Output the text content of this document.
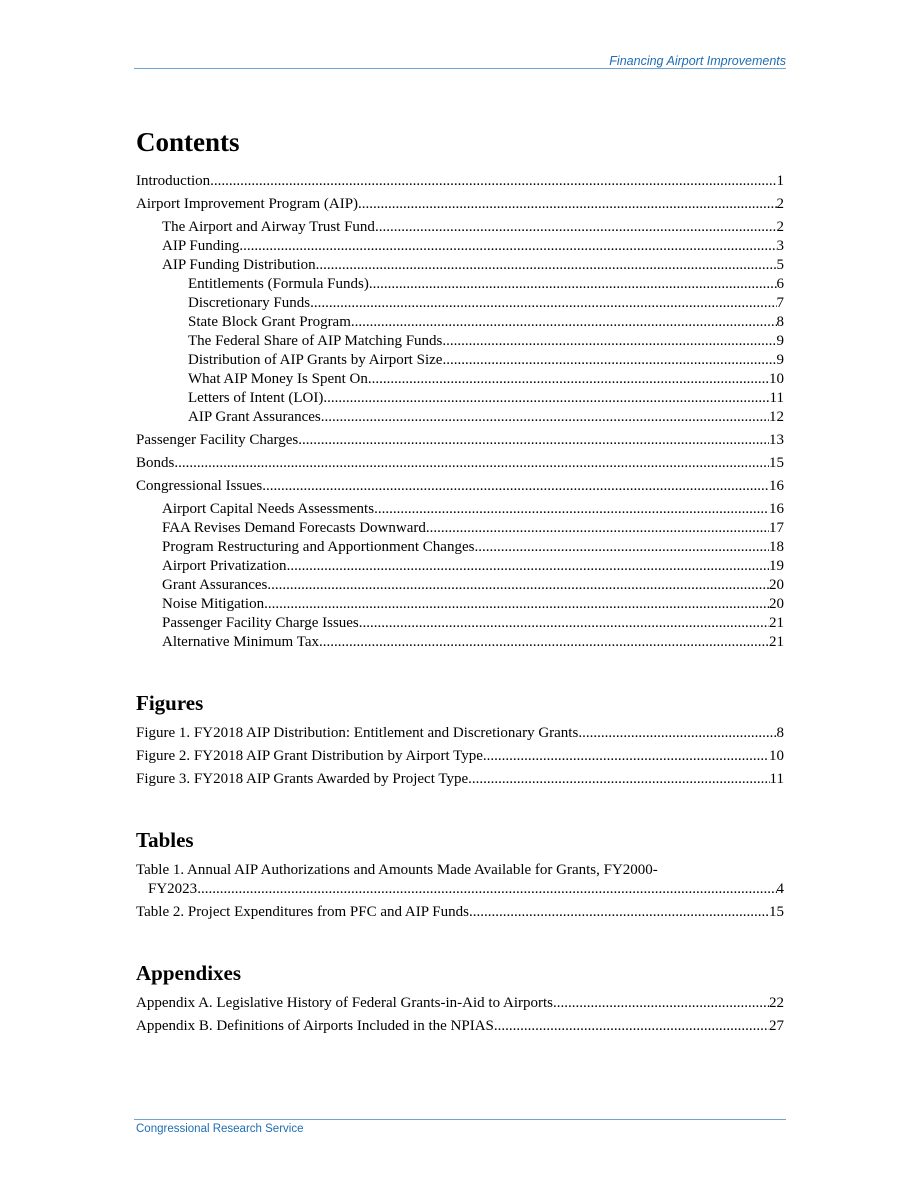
Financing Airport Improvements
Contents
Introduction .....	1
Airport Improvement Program (AIP) .....	2
The Airport and Airway Trust Fund .....	2
AIP Funding .....	3
AIP Funding Distribution .....	5
Entitlements (Formula Funds) .....	6
Discretionary Funds .....	7
State Block Grant Program .....	8
The Federal Share of AIP Matching Funds .....	9
Distribution of AIP Grants by Airport Size .....	9
What AIP Money Is Spent On .....	10
Letters of Intent (LOI) .....	11
AIP Grant Assurances .....	12
Passenger Facility Charges .....	13
Bonds .....	15
Congressional Issues .....	16
Airport Capital Needs Assessments .....	16
FAA Revises Demand Forecasts Downward .....	17
Program Restructuring and Apportionment Changes .....	18
Airport Privatization .....	19
Grant Assurances .....	20
Noise Mitigation .....	20
Passenger Facility Charge Issues .....	21
Alternative Minimum Tax .....	21
Figures
Figure 1. FY2018 AIP Distribution: Entitlement and Discretionary Grants .....	8
Figure 2. FY2018 AIP Grant Distribution by Airport Type .....	10
Figure 3. FY2018 AIP Grants Awarded by Project Type .....	11
Tables
Table 1. Annual AIP Authorizations and Amounts Made Available for Grants, FY2000-
FY2023 .....	4
Table 2. Project Expenditures from PFC and AIP Funds .....	15
Appendixes
Appendix A. Legislative History of Federal Grants-in-Aid to Airports .....	22
Appendix B. Definitions of Airports Included in the NPIAS .....	27
Congressional Research Service
